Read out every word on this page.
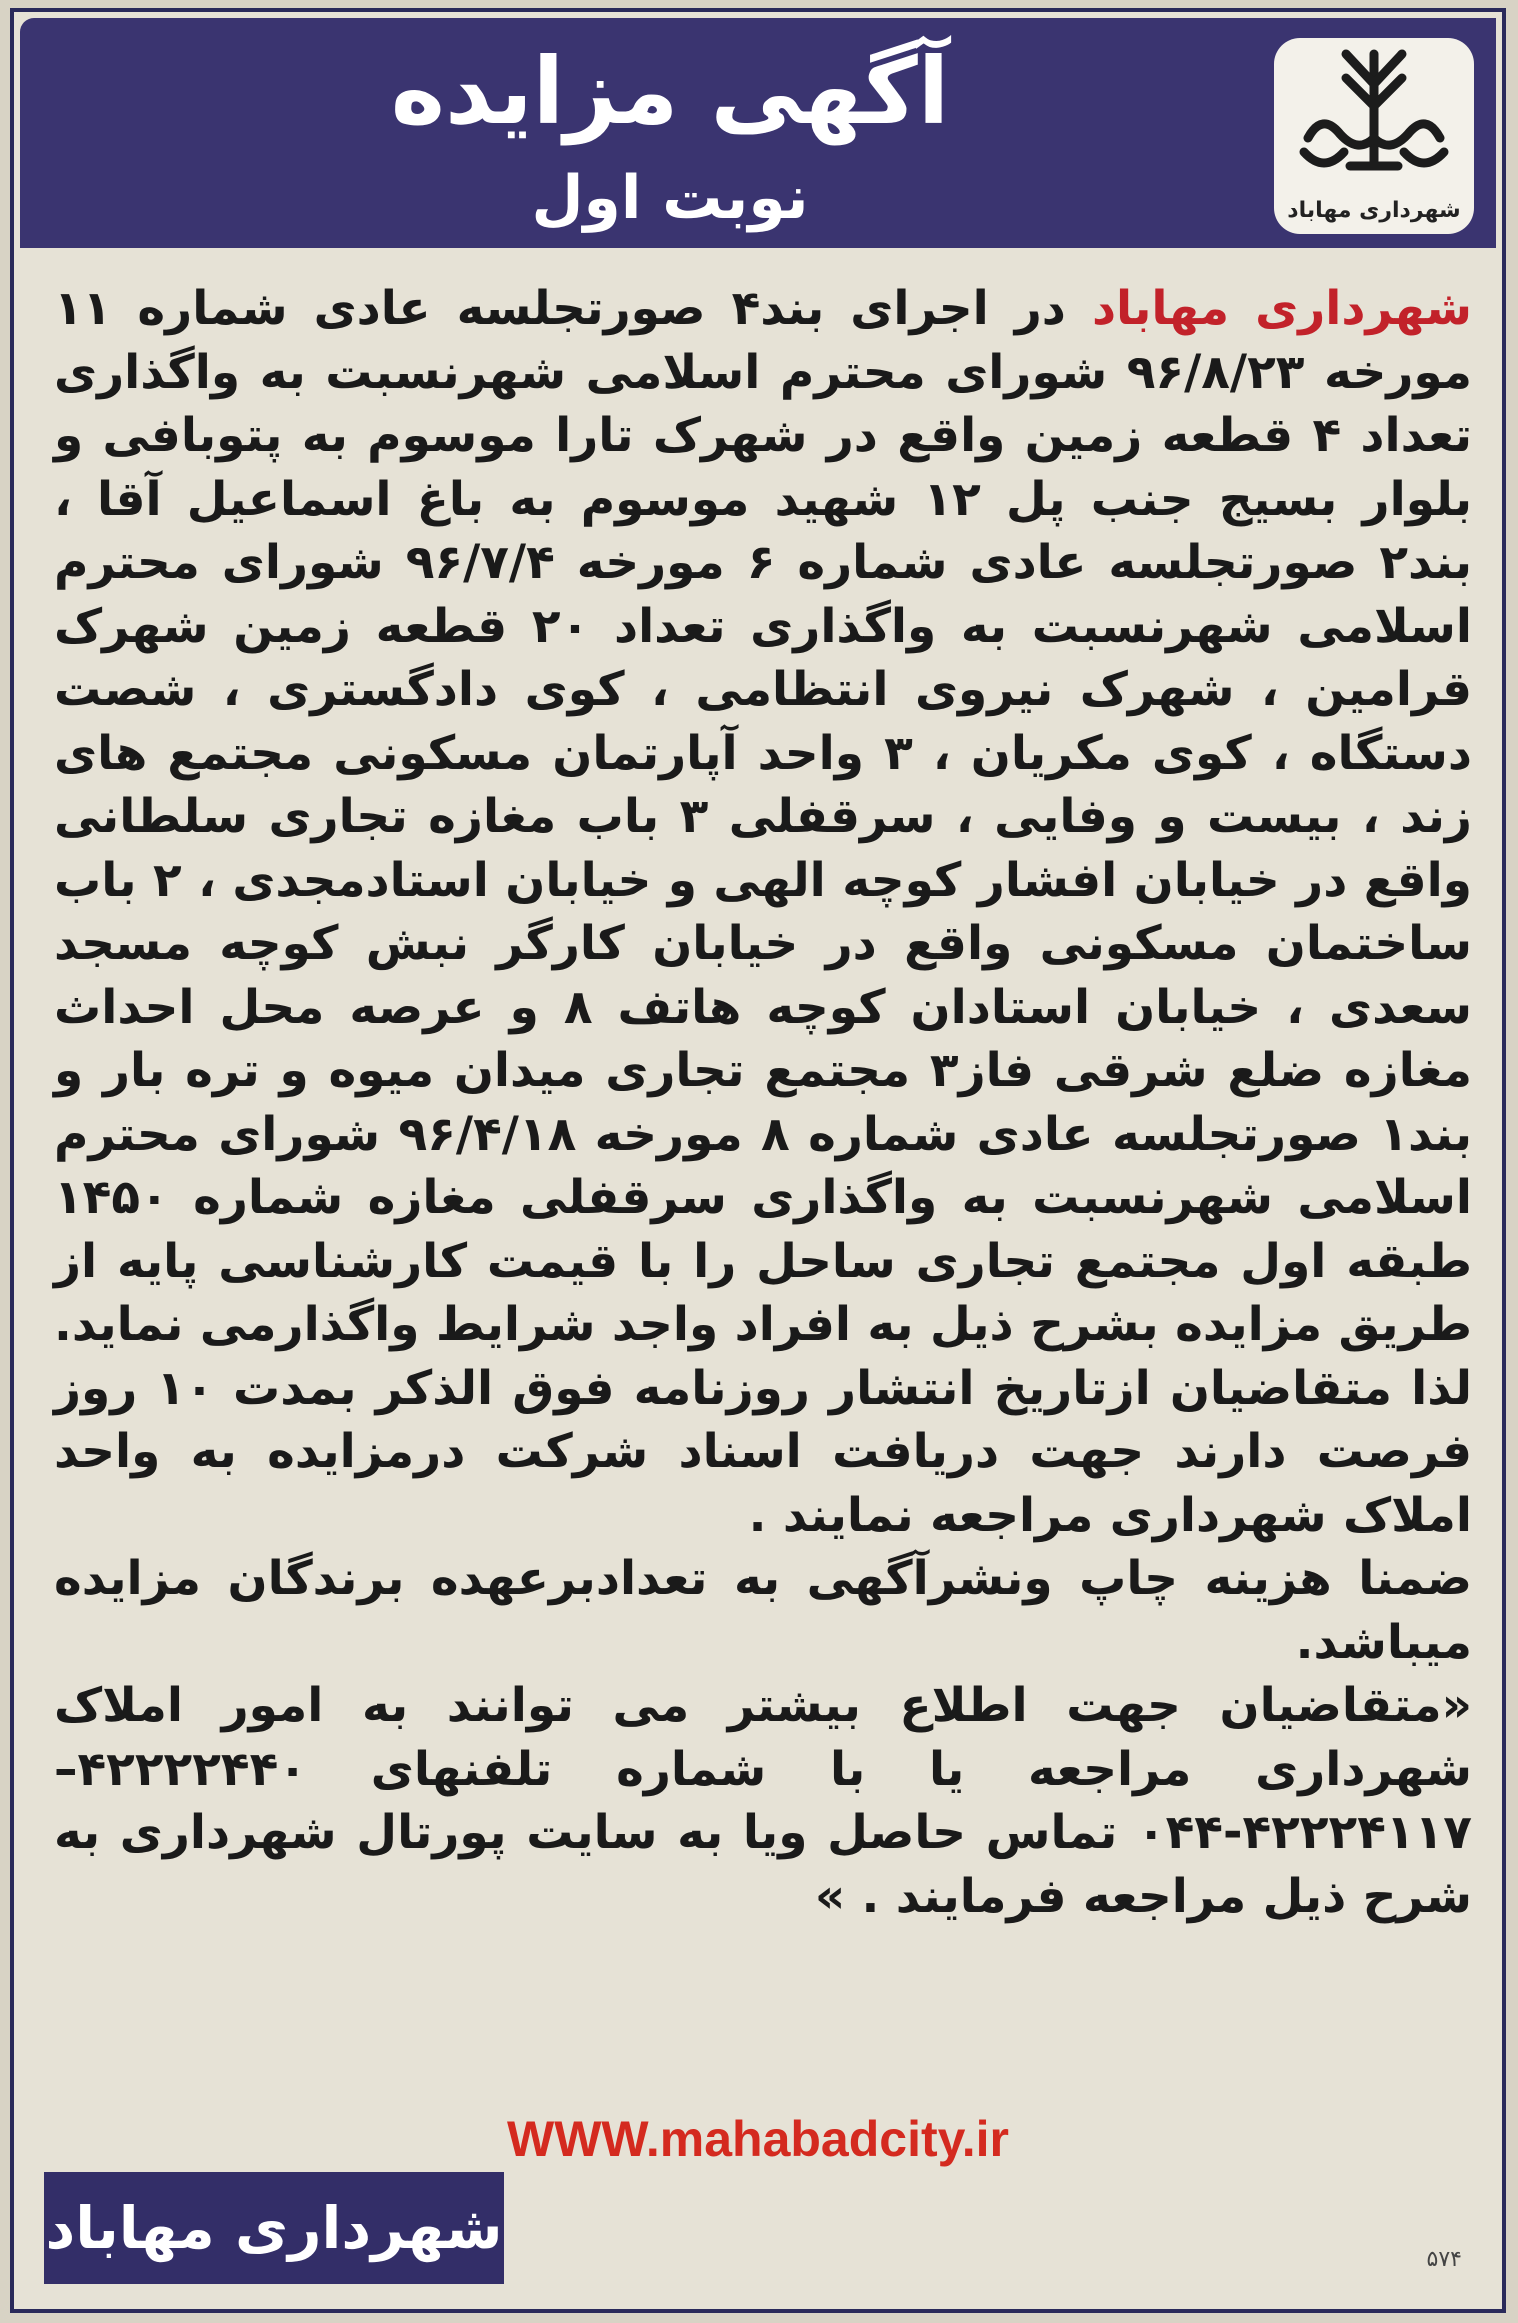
شهرداری مهاباد
آگهی مزایده
نوبت اول

شهرداری مهاباد در اجرای بند۴ صورتجلسه عادی شماره ۱۱ مورخه ۹۶/۸/۲۳ شورای محترم اسلامی شهرنسبت به واگذاری تعداد ۴ قطعه زمین واقع در شهرک تارا موسوم به پتوبافی و بلوار بسیج جنب پل ۱۲ شهید موسوم به باغ اسماعیل آقا ، بند۲ صورتجلسه عادی شماره ۶ مورخه ۹۶/۷/۴ شورای محترم اسلامی شهرنسبت به واگذاری تعداد ۲۰ قطعه زمین شهرک قرامین ، شهرک نیروی انتظامی ، کوی دادگستری ، شصت دستگاه ، کوی مکریان ، ۳ واحد آپارتمان مسکونی مجتمع های زند ، بیست و وفایی ، سرقفلی ۳ باب مغازه تجاری سلطانی واقع در خیابان افشار کوچه الهی و خیابان استادمجدی ، ۲ باب ساختمان مسکونی واقع در خیابان کارگر نبش کوچه مسجد سعدی ، خیابان استادان کوچه هاتف ۸ و عرصه محل احداث مغازه ضلع شرقی فاز۳ مجتمع تجاری میدان میوه و تره بار و بند۱ صورتجلسه عادی شماره ۸ مورخه ۹۶/۴/۱۸ شورای محترم اسلامی شهرنسبت به واگذاری سرقفلی مغازه شماره ۱۴۵۰ طبقه اول مجتمع تجاری ساحل را با قیمت کارشناسی پایه از طریق مزایده بشرح ذیل به افراد واجد شرایط واگذارمی نماید. لذا متقاضیان ازتاریخ انتشار روزنامه فوق الذکر بمدت ۱۰ روز فرصت دارند جهت دریافت اسناد شرکت درمزایده به واحد املاک شهرداری مراجعه نمایند .

ضمنا هزینه چاپ ونشرآگهی به تعدادبرعهده برندگان مزایده میباشد.

«متقاضیان جهت اطلاع بیشتر می توانند به امور املاک شهرداری مراجعه یا با شماره تلفنهای ۴۲۲۲۲۴۴۰– ۴۲۲۲۴۱۱۷-۰۴۴ تماس حاصل ویا به سایت پورتال شهرداری به شرح ذیل مراجعه فرمایند . »

WWW.mahabadcity.ir
شهرداری مهاباد	۵۷۴
